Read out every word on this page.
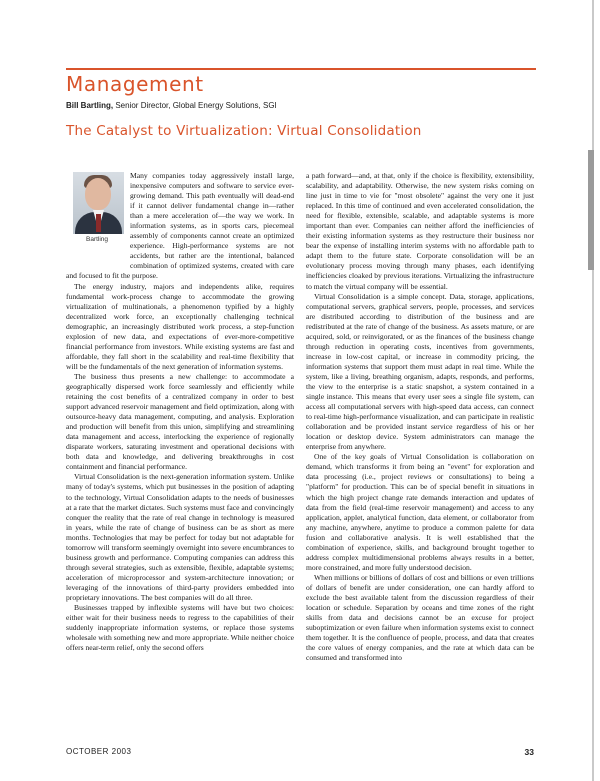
Management
Bill Bartling, Senior Director, Global Energy Solutions, SGI
The Catalyst to Virtualization: Virtual Consolidation
Bartling

Many companies today aggressively install large, inexpensive computers and software to service ever-growing demand. This path eventually will dead-end if it cannot deliver fundamental change in—rather than a mere acceleration of—the way we work. In information systems, as in sports cars, piecemeal assembly of components cannot create an optimized experience. High-performance systems are not accidents, but rather are the intentional, balanced combination of optimized systems, created with care and focused to fit the purpose.

The energy industry, majors and independents alike, requires fundamental work-process change to accommodate the growing virtualization of multinationals, a phenomenon typified by a highly decentralized work force, an exceptionally challenging technical demographic, an increasingly distributed work process, a step-function explosion of new data, and expectations of ever-more-competitive financial performance from investors. While existing systems are fast and affordable, they fall short in the scalability and real-time flexibility that will be the fundamentals of the next generation of information systems.

The business thus presents a new challenge: to accommodate a geographically dispersed work force seamlessly and efficiently while retaining the cost benefits of a centralized company in order to best support advanced reservoir management and field optimization, along with outsource-heavy data management, computing, and analysis. Exploration and production will benefit from this union, simplifying and streamlining data management and access, interlocking the experience of regionally disparate workers, saturating investment and operational decisions with both data and knowledge, and delivering breakthroughs in cost containment and financial performance.

Virtual Consolidation is the next-generation information system. Unlike many of today's systems, which put businesses in the position of adapting to the technology, Virtual Consolidation adapts to the needs of businesses at a rate that the market dictates. Such systems must face and convincingly conquer the reality that the rate of real change in technology is measured in years, while the rate of change of business can be as short as mere months. Technologies that may be perfect for today but not adaptable for tomorrow will transform seemingly overnight into severe encumbrances to business growth and performance. Computing companies can address this through several strategies, such as extensible, flexible, adaptable systems; acceleration of microprocessor and system-architecture innovation; or leveraging of the innovations of third-party providers embedded into proprietary innovations. The best companies will do all three.

Businesses trapped by inflexible systems will have but two choices: either wait for their business needs to regress to the capabilities of their suddenly inappropriate information systems, or replace those systems wholesale with something new and more appropriate. While neither choice offers near-term relief, only the second offers

a path forward—and, at that, only if the choice is flexibility, extensibility, scalability, and adaptability. Otherwise, the new system risks coming on line just in time to vie for "most obsolete" against the very one it just replaced. In this time of continued and even accelerated consolidation, the need for flexible, extensible, scalable, and adaptable systems is more important than ever. Companies can neither afford the inefficiencies of their existing information systems as they restructure their business nor bear the expense of installing interim systems with no affordable path to adapt them to the future state. Corporate consolidation will be an evolutionary process moving through many phases, each identifying inefficiencies cloaked by previous iterations. Virtualizing the infrastructure to match the virtual company will be essential.

Virtual Consolidation is a simple concept. Data, storage, applications, computational servers, graphical servers, people, processes, and services are distributed according to distribution of the business and are redistributed at the rate of change of the business. As assets mature, or are acquired, sold, or reinvigorated, or as the finances of the business change through reduction in operating costs, incentives from governments, increase in low-cost capital, or increase in commodity pricing, the information systems that support them must adapt in real time. While the system, like a living, breathing organism, adapts, responds, and performs, the view to the enterprise is a static snapshot, a system contained in a single instance. This means that every user sees a single file system, can access all computational servers with high-speed data access, can connect to real-time high-performance visualization, and can participate in realistic collaboration and be provided instant service regardless of his or her location or desktop device. System administrators can manage the enterprise from anywhere.

One of the key goals of Virtual Consolidation is collaboration on demand, which transforms it from being an "event" for exploration and data processing (i.e., project reviews or consultations) to being a "platform" for production. This can be of special benefit in situations in which the high project change rate demands interaction and updates of data from the field (real-time reservoir management) and access to any application, applet, analytical function, data element, or collaborator from any machine, anywhere, anytime to produce a common palette for data fusion and collaborative analysis. It is well established that the combination of experience, skills, and background brought together to address complex multidimensional problems always results in a better, more constrained, and more fully understood decision.

When millions or billions of dollars of cost and billions or even trillions of dollars of benefit are under consideration, one can hardly afford to exclude the best available talent from the discussion regardless of their location or schedule. Separation by oceans and time zones of the right skills from data and decisions cannot be an excuse for project suboptimization or even failure when information systems exist to connect them together. It is the confluence of people, process, and data that creates the core values of energy companies, and the rate at which data can be consumed and transformed into

OCTOBER 2003	33
